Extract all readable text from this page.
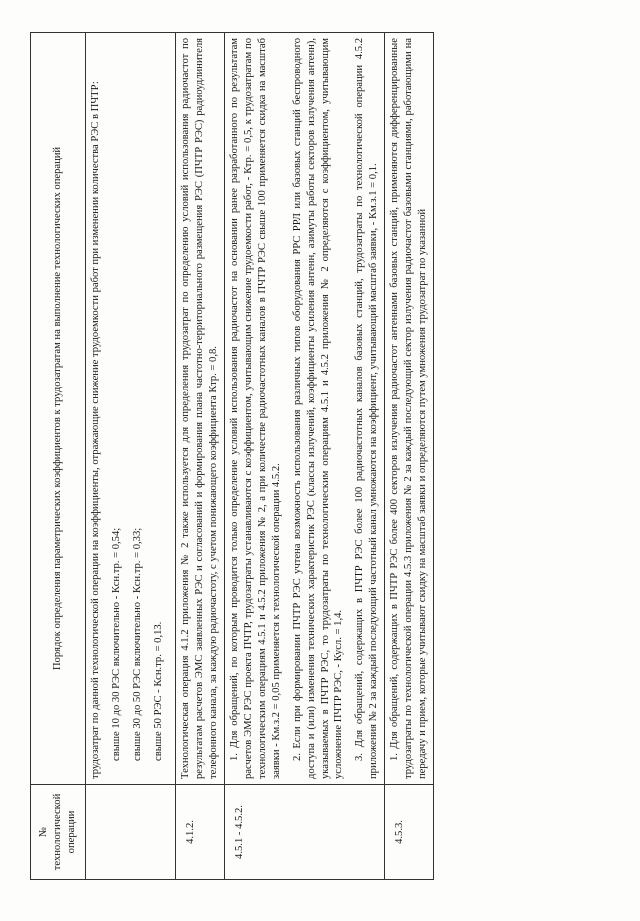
№
технологической
операции	Порядок определения параметрических коэффициентов к трудозатратам на выполнение технологических операций

	трудозатрат по данной технологической операции на коэффициенты, отражающие снижение трудоемкости работ при изменении количества РЭС в ПЧТР: свыше 10 до 30 РЭС включительно - Ксн.тр. = 0,54; свыше 30 до 50 РЭС включительно - Ксн.тр. = 0,33; свыше 50 РЭС - Ксн.тр. = 0,13.

4.1.2.	Технологическая операция 4.1.2 приложения № 2 также используется для определения трудозатрат по определению условий использования радиочастот по результатам расчетов ЭМС заявленных РЭС и согласований и формирования плана частотно-территориального размещения РЭС (ПЧТР РЭС) радиоудлинителя телефонного канала, за каждую радиочастоту, с учетом понижающего коэффициента Ктр. = 0,8.

4.5.1 - 4.5.2.	1. Для обращений, по которым проводится только определение условий использования радиочастот на основании ранее разработанного по результатам расчетов ЭМС РЭС проекта ПЧТР, трудозатраты устанавливаются с коэффициентом, учитывающим снижение трудоемкости работ, - Ктр. = 0,5, к трудозатратам по технологическим операциям 4.5.1 и 4.5.2 приложения № 2, а при количестве радиочастотных каналов в ПЧТР РЭС свыше 100 применяется скидка на масштаб заявки - Км.з.2 = 0,05 применяется к технологической операции 4.5.2. 2. Если при формировании ПЧТР РЭС учтена возможность использования различных типов оборудования РРС РРЛ или базовых станций беспроводного доступа и (или) изменения технических характеристик РЭС (классы излучений, коэффициенты усиления антенн, азимуты работы секторов излучения антенн), указываемых в ПЧТР РЭС, то трудозатраты по технологическим операциям 4.5.1 и 4.5.2 приложения № 2 определяются с коэффициентом, учитывающим усложнение ПЧТР РЭС, - Кусл. = 1,4. 3. Для обращений, содержащих в ПЧТР РЭС более 100 радиочастотных каналов базовых станций, трудозатраты по технологической операции 4.5.2 приложения № 2 за каждый последующий частотный канал умножаются на коэффициент, учитывающий масштаб заявки, - Км.з.1 = 0,1.

4.5.3.	1. Для обращений, содержащих в ПЧТР РЭС более 400 секторов излучения радиочастот антеннами базовых станций, применяются дифференцированные трудозатраты по технологической операции 4.5.3 приложения № 2 за каждый последующий сектор излучения радиочастот базовыми станциями, работающими на передачу и прием, которые учитывают скидку на масштаб заявки и определяются путем умножения трудозатрат по указанной
